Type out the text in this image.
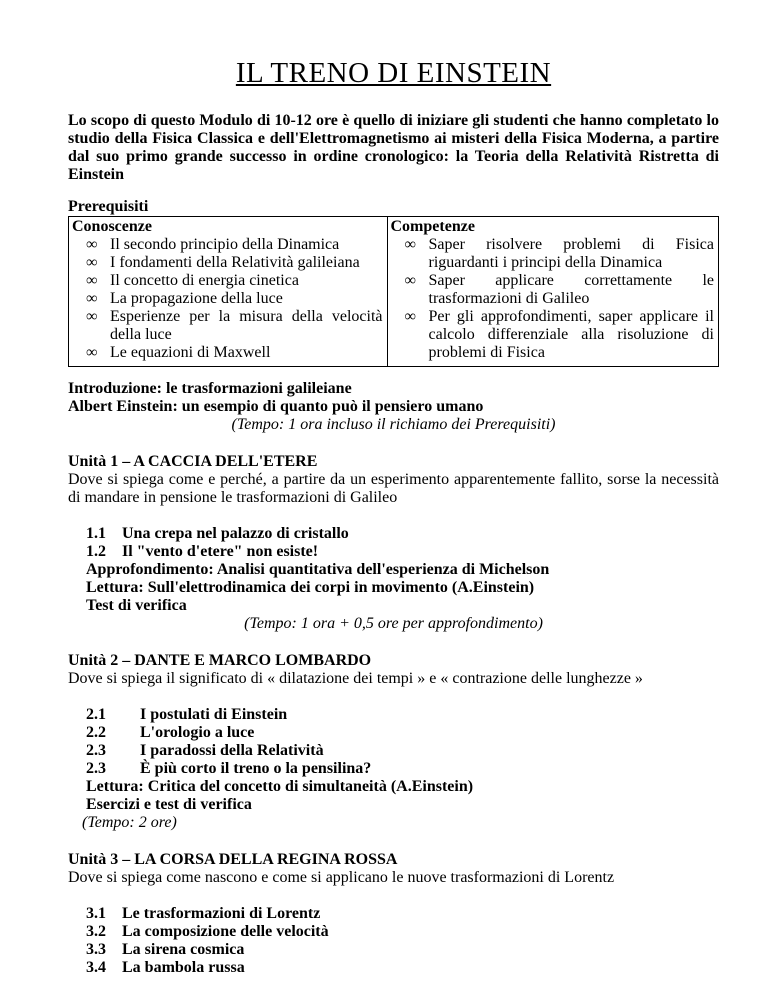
IL TRENO DI EINSTEIN

Lo scopo di questo Modulo di 10-12 ore è quello di iniziare gli studenti che hanno completato lo studio della Fisica Classica e dell'Elettromagnetismo ai misteri della Fisica Moderna, a partire dal suo primo grande successo in ordine cronologico: la Teoria della Relatività Ristretta di Einstein

Prerequisiti
Conoscenze
∞ Il secondo principio della Dinamica
∞ I fondamenti della Relatività galileiana
∞ Il concetto di energia cinetica
∞ La propagazione della luce
∞ Esperienze per la misura della velocità della luce
∞ Le equazioni di Maxwell

Competenze
∞ Saper risolvere problemi di Fisica riguardanti i principi della Dinamica
∞ Saper applicare correttamente le trasformazioni di Galileo
∞ Per gli approfondimenti, saper applicare il calcolo differenziale alla risoluzione di problemi di Fisica
Introduzione: le trasformazioni galileiane
Albert Einstein: un esempio di quanto può il pensiero umano
(Tempo: 1 ora incluso il richiamo dei Prerequisiti)
Unità 1 – A CACCIA DELL'ETERE
Dove si spiega come e perché, a partire da un esperimento apparentemente fallito, sorse la necessità di mandare in pensione le trasformazioni di Galileo
1.1	Una crepa nel palazzo di cristallo
1.2	Il "vento d'etere" non esiste!
Approfondimento: Analisi quantitativa dell'esperienza di Michelson
Lettura: Sull'elettrodinamica dei corpi in movimento (A.Einstein)
Test di verifica
(Tempo: 1 ora + 0,5 ore per approfondimento)
Unità 2 – DANTE E MARCO LOMBARDO
Dove si spiega il significato di « dilatazione dei tempi » e « contrazione delle lunghezze »
2.1	I postulati di Einstein
2.2	L'orologio a luce
2.3	I paradossi della Relatività
2.3	È più corto il treno o la pensilina?
Lettura: Critica del concetto di simultaneità (A.Einstein)
Esercizi e test di verifica
(Tempo: 2 ore)
Unità 3 – LA CORSA DELLA REGINA ROSSA
Dove si spiega come nascono e come si applicano le nuove trasformazioni di Lorentz
3.1	Le trasformazioni di Lorentz
3.2	La composizione delle velocità
3.3	La sirena cosmica
3.4	La bambola russa
